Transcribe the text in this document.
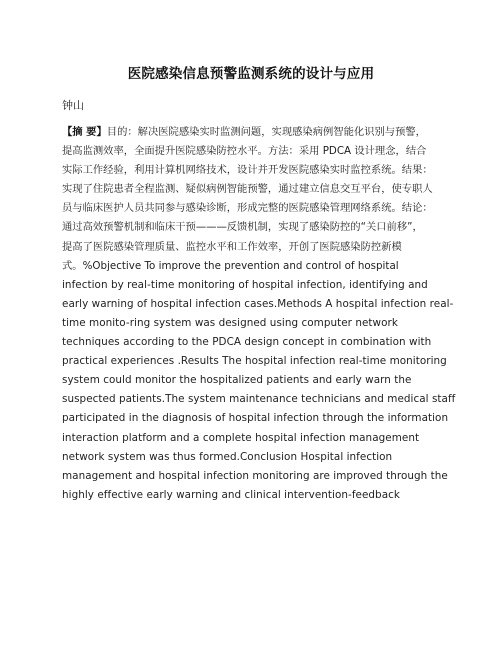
医院感染信息预警监测系统的设计与应用
钟山
【摘 要】目的：解决医院感染实时监测问题，实现感染病例智能化识别与预警，
提高监测效率，全面提升医院感染防控水平。方法：采用 PDCA 设计理念，结合
实际工作经验，利用计算机网络技术，设计并开发医院感染实时监控系统。结果：
实现了住院患者全程监测、疑似病例智能预警，通过建立信息交互平台，使专职人
员与临床医护人员共同参与感染诊断，形成完整的医院感染管理网络系统。结论：
通过高效预警机制和临床干预———反馈机制，实现了感染防控的“关口前移”，
提高了医院感染管理质量、监控水平和工作效率，开创了医院感染防控新模
式。%Objective To improve the prevention and control of hospital
infection by real-time monitoring of hospital infection, identifying and
early warning of hospital infection cases.Methods A hospital infection real-
time monito-ring system was designed using computer network
techniques according to the PDCA design concept in combination with
practical experiences .Results The hospital infection real-time monitoring
system could monitor the hospitalized patients and early warn the
suspected patients.The system maintenance technicians and medical staff
participated in the diagnosis of hospital infection through the information
interaction platform and a complete hospital infection management
network system was thus formed.Conclusion Hospital infection
management and hospital infection monitoring are improved through the
highly effective early warning and clinical intervention-feedback
